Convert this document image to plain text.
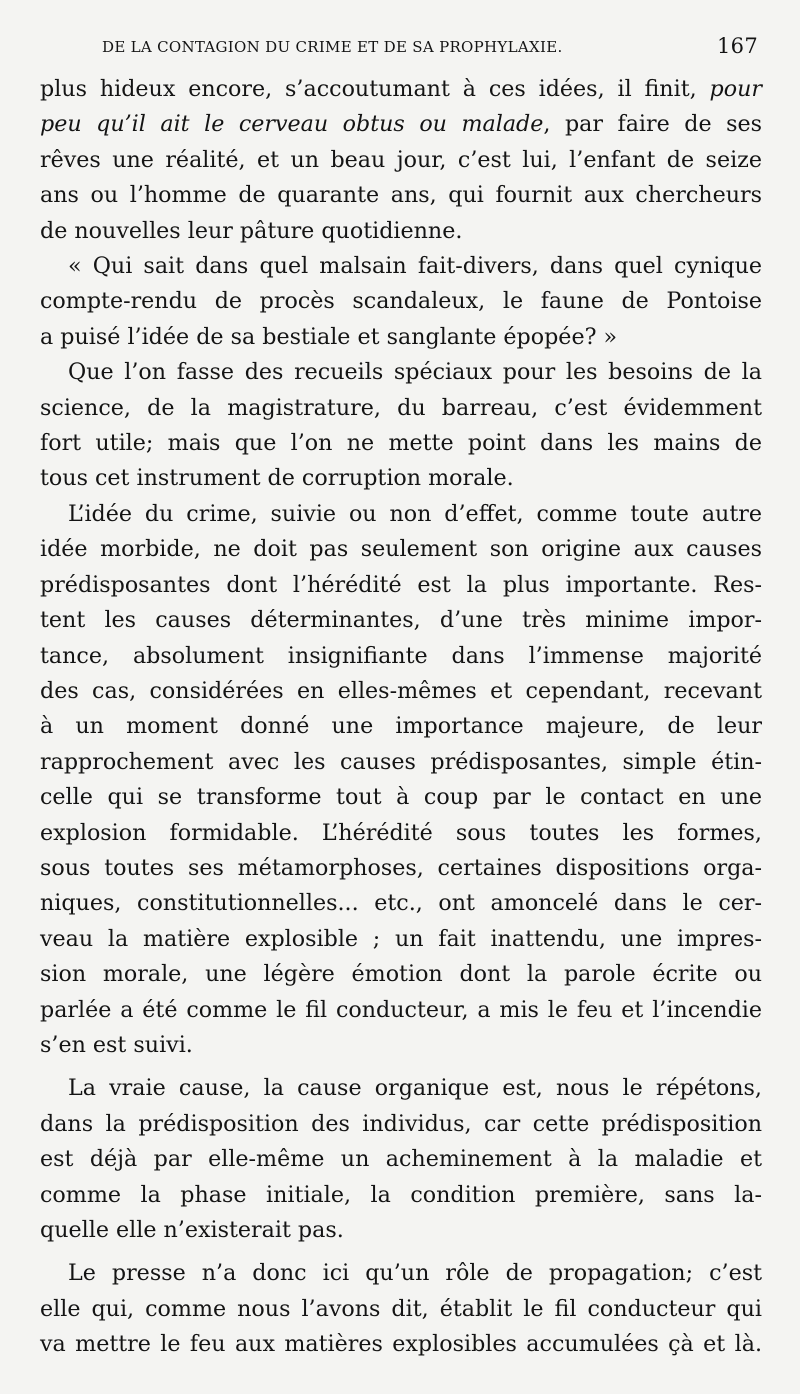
DE LA CONTAGION DU CRIME ET DE SA PROPHYLAXIE.	167

plus hideux encore, s’accoutumant à ces idées, il finit, pour
peu qu’il ait le cerveau obtus ou malade, par faire de ses
rêves une réalité, et un beau jour, c’est lui, l’enfant de seize
ans ou l’homme de quarante ans, qui fournit aux chercheurs
de nouvelles leur pâture quotidienne.

« Qui sait dans quel malsain fait-divers, dans quel cynique
compte-rendu de procès scandaleux, le faune de Pontoise
a puisé l’idée de sa bestiale et sanglante épopée? »

Que l’on fasse des recueils spéciaux pour les besoins de la
science, de la magistrature, du barreau, c’est évidemment
fort utile; mais que l’on ne mette point dans les mains de
tous cet instrument de corruption morale.

L’idée du crime, suivie ou non d’effet, comme toute autre
idée morbide, ne doit pas seulement son origine aux causes
prédisposantes dont l’hérédité est la plus importante. Res-
tent les causes déterminantes, d’une très minime impor-
tance, absolument insignifiante dans l’immense majorité
des cas, considérées en elles-mêmes et cependant, recevant
à un moment donné une importance majeure, de leur
rapprochement avec les causes prédisposantes, simple étin-
celle qui se transforme tout à coup par le contact en une
explosion formidable. L’hérédité sous toutes les formes,
sous toutes ses métamorphoses, certaines dispositions orga-
niques, constitutionnelles... etc., ont amoncelé dans le cer-
veau la matière explosible ; un fait inattendu, une impres-
sion morale, une légère émotion dont la parole écrite ou
parlée a été comme le fil conducteur, a mis le feu et l’incendie
s’en est suivi.

La vraie cause, la cause organique est, nous le répétons,
dans la prédisposition des individus, car cette prédisposition
est déjà par elle-même un acheminement à la maladie et
comme la phase initiale, la condition première, sans la-
quelle elle n’existerait pas.

Le presse n’a donc ici qu’un rôle de propagation; c’est
elle qui, comme nous l’avons dit, établit le fil conducteur qui
va mettre le feu aux matières explosibles accumulées çà et là.
